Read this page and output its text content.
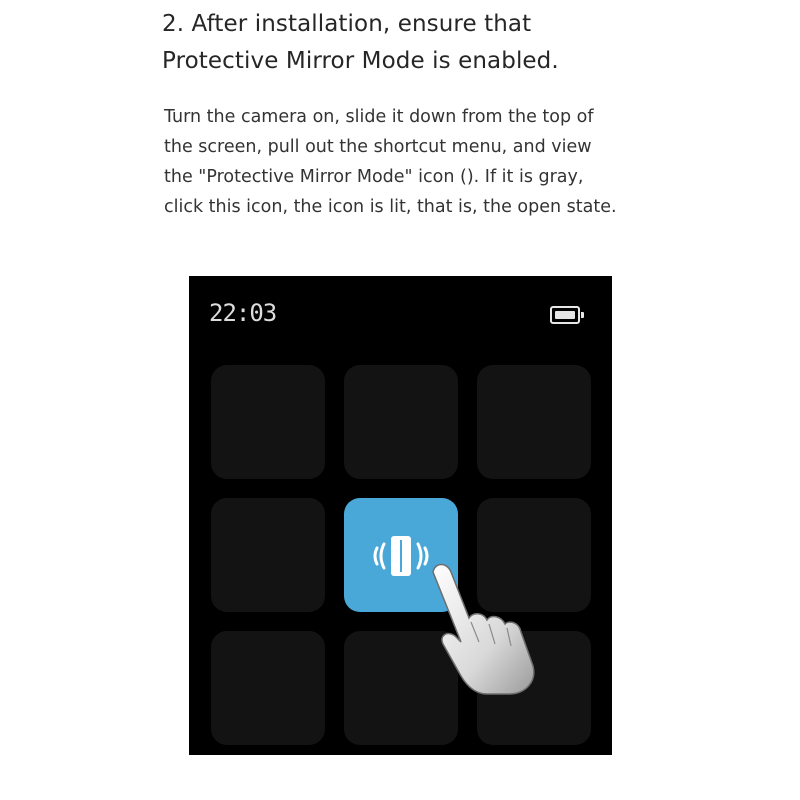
2. After installation, ensure that
Protective Mirror Mode is enabled.
Turn the camera on, slide it down from the top of
the screen, pull out the shortcut menu, and view
the "Protective Mirror Mode" icon (). If it is gray,
click this icon, the icon is lit, that is, the open state.
22:03
